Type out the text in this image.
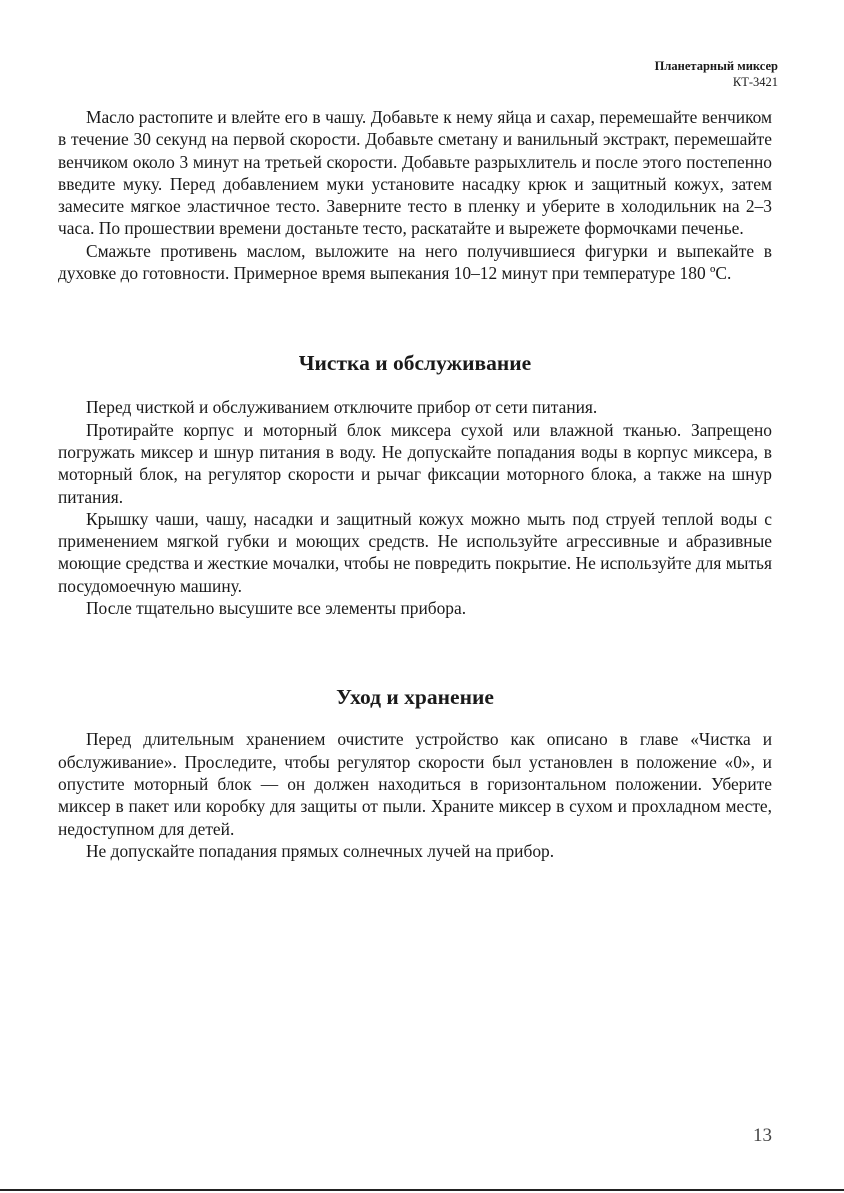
Планетарный миксер
КТ-3421

Масло растопите и влейте его в чашу. Добавьте к нему яйца и сахар, перемешайте венчиком в течение 30 секунд на первой скорости. Добавьте сметану и ванильный экстракт, перемешайте венчиком около 3 минут на третьей скорости. Добавьте разрыхлитель и после этого постепенно введите муку. Перед добавлением муки установите насадку крюк и защитный кожух, затем замесите мягкое эластичное тесто. Заверните тесто в пленку и уберите в холодильник на 2–3 часа. По прошествии времени достаньте тесто, раскатайте и вырежете формочками печенье.

Смажьте противень маслом, выложите на него получившиеся фигурки и выпекайте в духовке до готовности. Примерное время выпекания 10–12 минут при температуре 180 ºС.

Чистка и обслуживание

Перед чисткой и обслуживанием отключите прибор от сети питания.

Протирайте корпус и моторный блок миксера сухой или влажной тканью. Запрещено погружать миксер и шнур питания в воду. Не допускайте попадания воды в корпус миксера, в моторный блок, на регулятор скорости и рычаг фиксации моторного блока, а также на шнур питания.

Крышку чаши, чашу, насадки и защитный кожух можно мыть под струей теплой воды с применением мягкой губки и моющих средств. Не используйте агрессивные и абразивные моющие средства и жесткие мочалки, чтобы не повредить покрытие. Не используйте для мытья посудомоечную машину.

После тщательно высушите все элементы прибора.

Уход и хранение

Перед длительным хранением очистите устройство как описано в главе «Чистка и обслуживание». Проследите, чтобы регулятор скорости был установлен в положение «0», и опустите моторный блок — он должен находиться в горизонтальном положении. Уберите миксер в пакет или коробку для защиты от пыли. Храните миксер в сухом и прохладном месте, недоступном для детей.

Не допускайте попадания прямых солнечных лучей на прибор.

13
